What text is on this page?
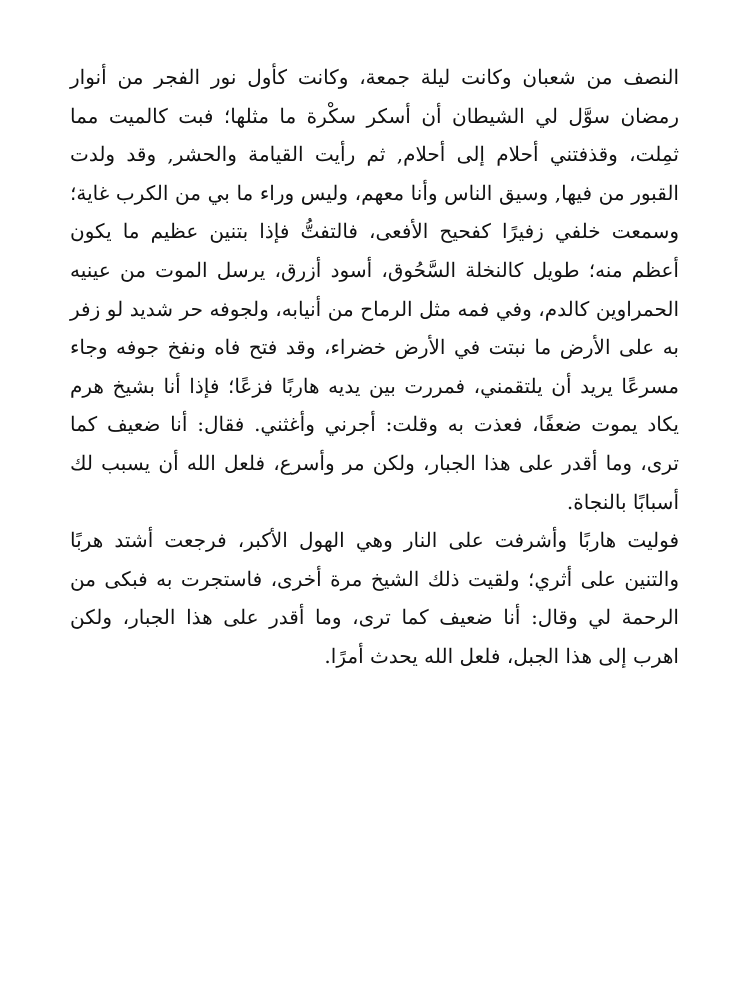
النصف من شعبان وكانت ليلة جمعة، وكانت كأول نور الفجر من أنوار رمضان سوَّل لي الشيطان أن أسكر سكْرة ما مثلها؛ فبت كالميت مما ثمِلت، وقذفتني أحلام إلى أحلام, ثم رأيت القيامة والحشر, وقد ولدت القبور من فيها, وسيق الناس وأنا معهم، وليس وراء ما بي من الكرب غاية؛ وسمعت خلفي زفيرًا كفحيح الأفعى، فالتفتُّ فإذا بتنين عظيم ما يكون أعظم منه؛ طويل كالنخلة السَّحُوق، أسود أزرق، يرسل الموت من عينيه الحمراوين كالدم، وفي فمه مثل الرماح من أنيابه، ولجوفه حر شديد لو زفر به على الأرض ما نبتت في الأرض خضراء، وقد فتح فاه ونفخ جوفه وجاء مسرعًا يريد أن يلتقمني، فمررت بين يديه هاربًا فزعًا؛ فإذا أنا بشيخ هرم يكاد يموت ضعفًا، فعذت به وقلت: أجرني وأغثني. فقال: أنا ضعيف كما ترى، وما أقدر على هذا الجبار، ولكن مر وأسرع، فلعل الله أن يسبب لك أسبابًا بالنجاة.

فوليت هاربًا وأشرفت على النار وهي الهول الأكبر، فرجعت أشتد هربًا والتنين على أثري؛ ولقيت ذلك الشيخ مرة أخرى، فاستجرت به فبكى من الرحمة لي وقال: أنا ضعيف كما ترى، وما أقدر على هذا الجبار، ولكن اهرب إلى هذا الجبل، فلعل الله يحدث أمرًا.
